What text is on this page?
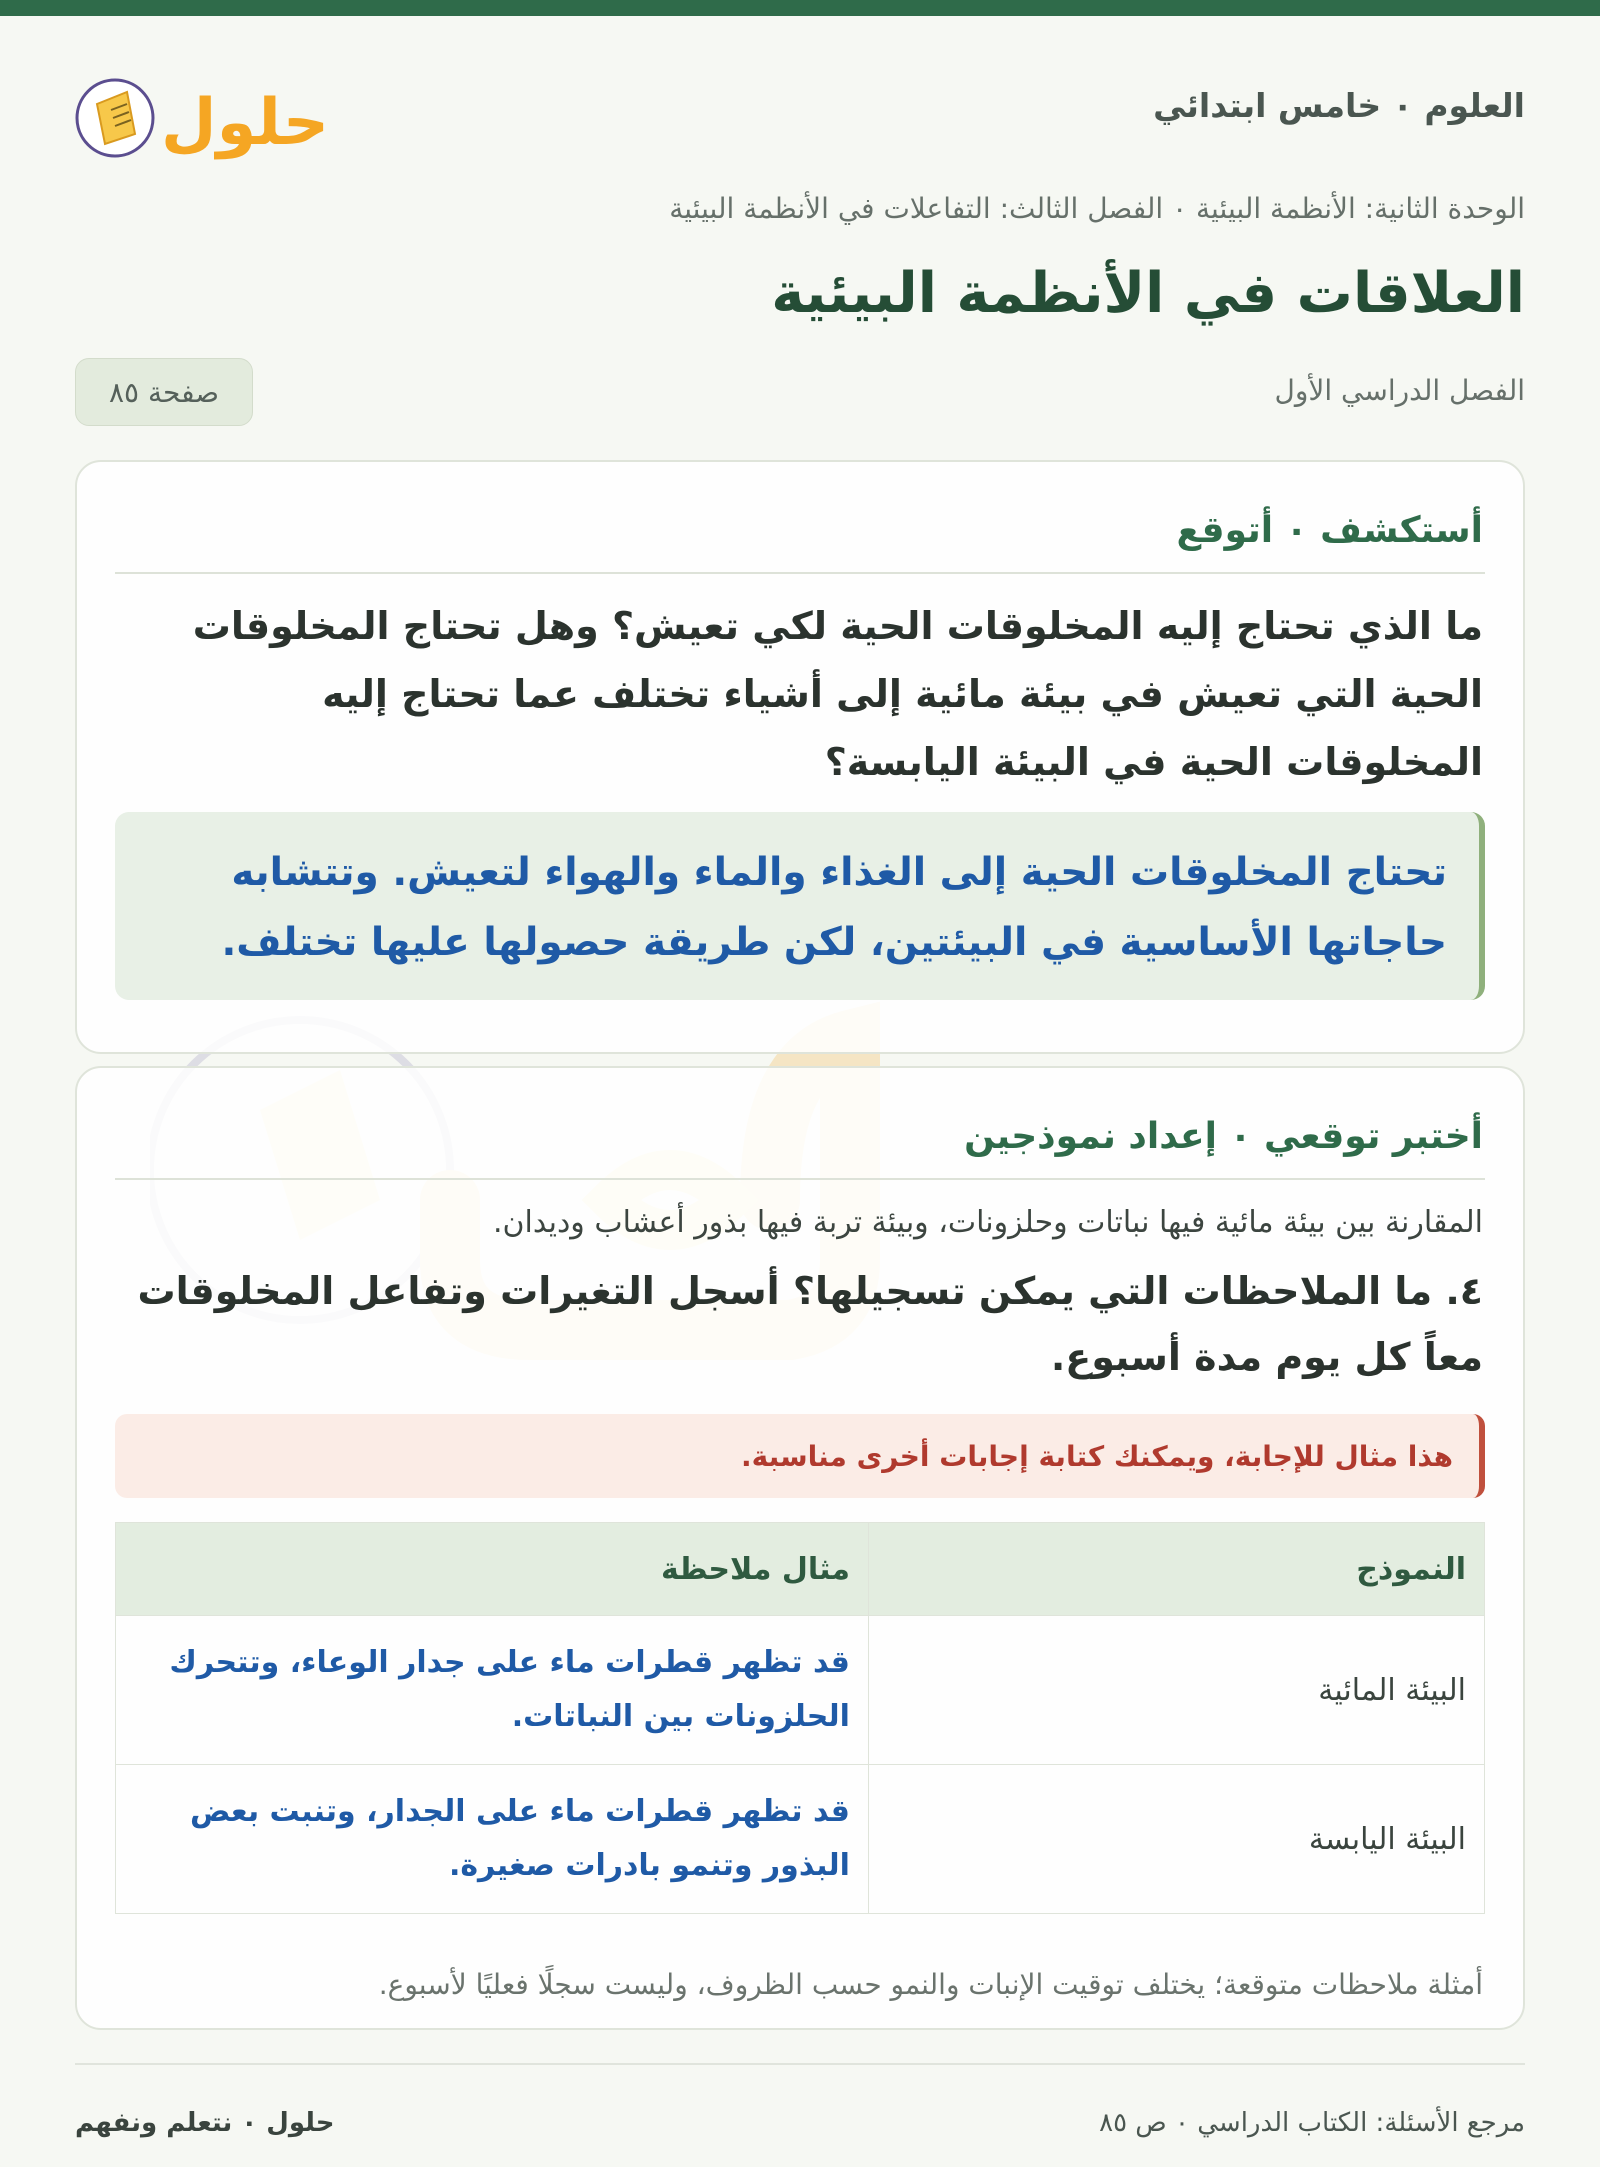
العلوم ٠ خامس ابتدائي
حلول
الوحدة الثانية: الأنظمة البيئية ٠ الفصل الثالث: التفاعلات في الأنظمة البيئية
العلاقات في الأنظمة البيئية
الفصل الدراسي الأول
صفحة ٨٥
أستكشف ٠ أتوقع
ما الذي تحتاج إليه المخلوقات الحية لكي تعيش؟ وهل تحتاج المخلوقات الحية التي تعيش في بيئة مائية إلى أشياء تختلف عما تحتاج إليه المخلوقات الحية في البيئة اليابسة؟
تحتاج المخلوقات الحية إلى الغذاء والماء والهواء لتعيش. وتتشابه حاجاتها الأساسية في البيئتين، لكن طريقة حصولها عليها تختلف.
أختبر توقعي ٠ إعداد نموذجين
المقارنة بين بيئة مائية فيها نباتات وحلزونات، وبيئة تربة فيها بذور أعشاب وديدان.
٤. ما الملاحظات التي يمكن تسجيلها؟ أسجل التغيرات وتفاعل المخلوقات معاً كل يوم مدة أسبوع.
هذا مثال للإجابة، ويمكنك كتابة إجابات أخرى مناسبة.
النموذج	مثال ملاحظة
البيئة المائية	قد تظهر قطرات ماء على جدار الوعاء، وتتحرك الحلزونات بين النباتات.
البيئة اليابسة	قد تظهر قطرات ماء على الجدار، وتنبت بعض البذور وتنمو بادرات صغيرة.
أمثلة ملاحظات متوقعة؛ يختلف توقيت الإنبات والنمو حسب الظروف، وليست سجلًا فعليًا لأسبوع.
مرجع الأسئلة: الكتاب الدراسي ٠ ص ٨٥
حلول ٠ نتعلم ونفهم
